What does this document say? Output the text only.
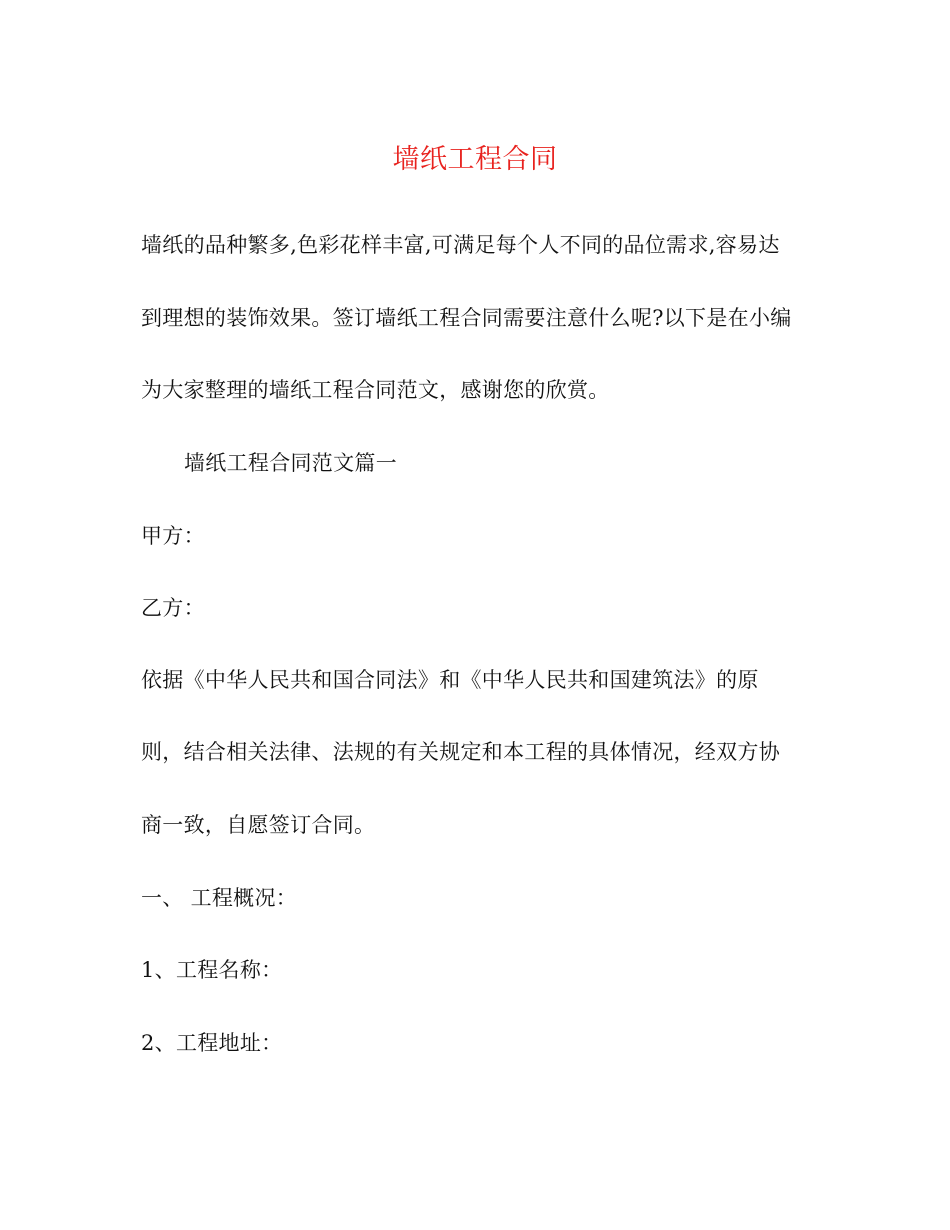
墙纸工程合同
墙纸的品种繁多,色彩花样丰富,可满足每个人不同的品位需求,容易达
到理想的装饰效果。签订墙纸工程合同需要注意什么呢?以下是在小编
为大家整理的墙纸工程合同范文，感谢您的欣赏。
墙纸工程合同范文篇一
甲方：
乙方：
依据《中华人民共和国合同法》和《中华人民共和国建筑法》的原
则，结合相关法律、法规的有关规定和本工程的具体情况，经双方协
商一致，自愿签订合同。
一、 工程概况：
1、工程名称：
2、工程地址：
